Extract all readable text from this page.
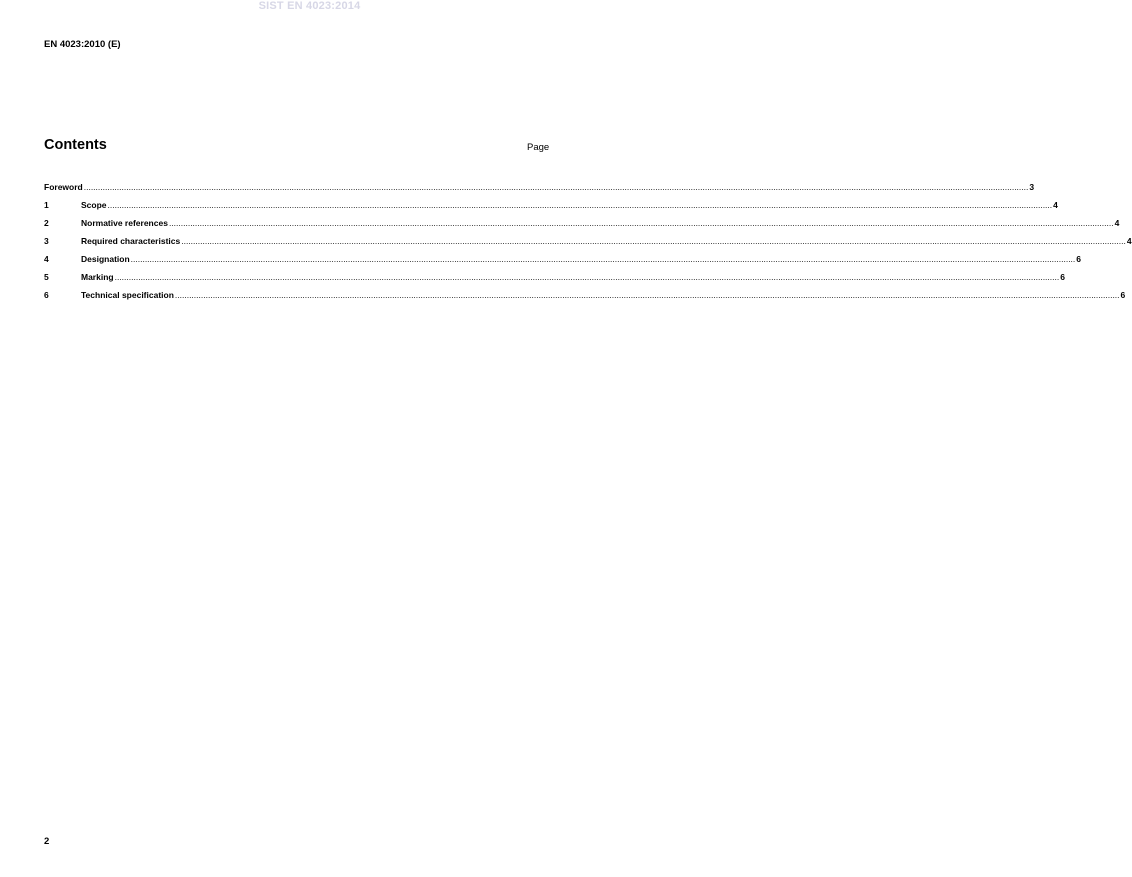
SIST EN 4023:2014
EN 4023:2010 (E)
Contents	Page
Foreword ................................................................................................................................................................................................................................................................................................................................................................................................................ 3
1	Scope ................................................................................................................................................................................................................................................................................................................................................................................................................ 4
2	Normative references ................................................................................................................................................................................................................................................................................................................................................................................................................ 4
3	Required characteristics ................................................................................................................................................................................................................................................................................................................................................................................................................ 4
4	Designation ................................................................................................................................................................................................................................................................................................................................................................................................................ 6
5	Marking ................................................................................................................................................................................................................................................................................................................................................................................................................ 6
6	Technical specification ................................................................................................................................................................................................................................................................................................................................................................................................................ 6
2
